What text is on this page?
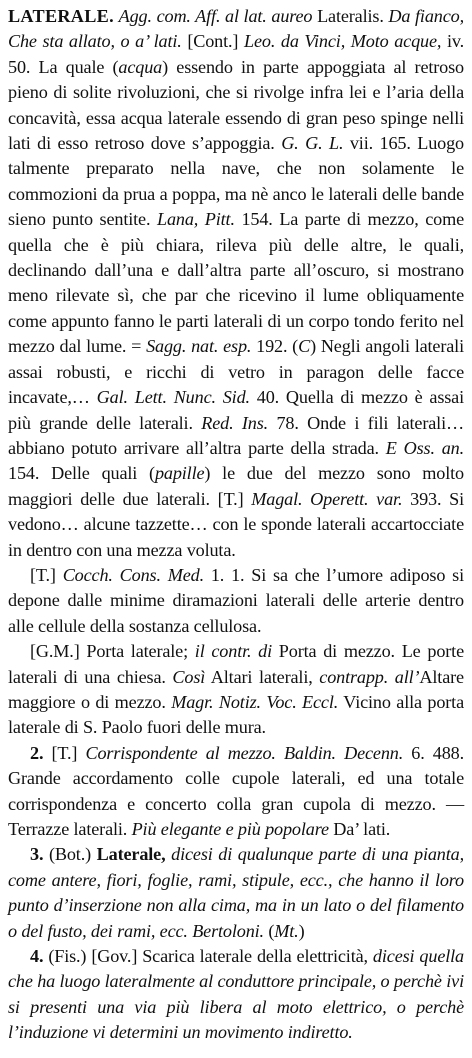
LATERALE. Agg. com. Aff. al lat. aureo Lateralis. Da fianco, Che sta allato, o a’ lati. [Cont.] Leo. da Vinci, Moto acque, iv. 50. La quale (acqua) essendo in parte appoggiata al retroso pieno di solite rivoluzioni, che si rivolge infra lei e l’aria della concavità, essa acqua laterale essendo di gran peso spinge nelli lati di esso retroso dove s’appoggia. G. G. L. vii. 165. Luogo talmente preparato nella nave, che non solamente le commozioni da prua a poppa, ma nè anco le laterali delle bande sieno punto sentite. Lana, Pitt. 154. La parte di mezzo, come quella che è più chiara, rileva più delle altre, le quali, declinando dall’una e dall’altra parte all’oscuro, si mostrano meno rilevate sì, che par che ricevino il lume obliquamente come appunto fanno le parti laterali di un corpo tondo ferito nel mezzo dal lume. = Sagg. nat. esp. 192. (C) Negli angoli laterali assai robusti, e ricchi di vetro in paragon delle facce incavate,… Gal. Lett. Nunc. Sid. 40. Quella di mezzo è assai più grande delle laterali. Red. Ins. 78. Onde i fili laterali… abbiano potuto arrivare all’altra parte della strada. E Oss. an. 154. Delle quali (papille) le due del mezzo sono molto maggiori delle due laterali. [T.] Magal. Operett. var. 393. Si vedono… alcune tazzette… con le sponde laterali accartocciate in dentro con una mezza voluta.

[T.] Cocch. Cons. Med. 1. 1. Si sa che l’umore adiposo si depone dalle minime diramazioni laterali delle arterie dentro alle cellule della sostanza cellulosa.

[G.M.] Porta laterale; il contr. di Porta di mezzo. Le porte laterali di una chiesa. Così Altari laterali, contrapp. all’Altare maggiore o di mezzo. Magr. Notiz. Voc. Eccl. Vicino alla porta laterale di S. Paolo fuori delle mura.

2. [T.] Corrispondente al mezzo. Baldin. Decenn. 6. 488. Grande accordamento colle cupole laterali, ed una totale corrispondenza e concerto colla gran cupola di mezzo. — Terrazze laterali. Più elegante e più popolare Da’ lati.

3. (Bot.) Laterale, dicesi di qualunque parte di una pianta, come antere, fiori, foglie, rami, stipule, ecc., che hanno il loro punto d’inserzione non alla cima, ma in un lato o del filamento o del fusto, dei rami, ecc. Bertoloni. (Mt.)

4. (Fis.) [Gov.] Scarica laterale della elettricità, dicesi quella che ha luogo lateralmente al conduttore principale, o perchè ivi si presenti una via più libera al moto elettrico, o perchè l’induzione vi determini un movimento indiretto.
